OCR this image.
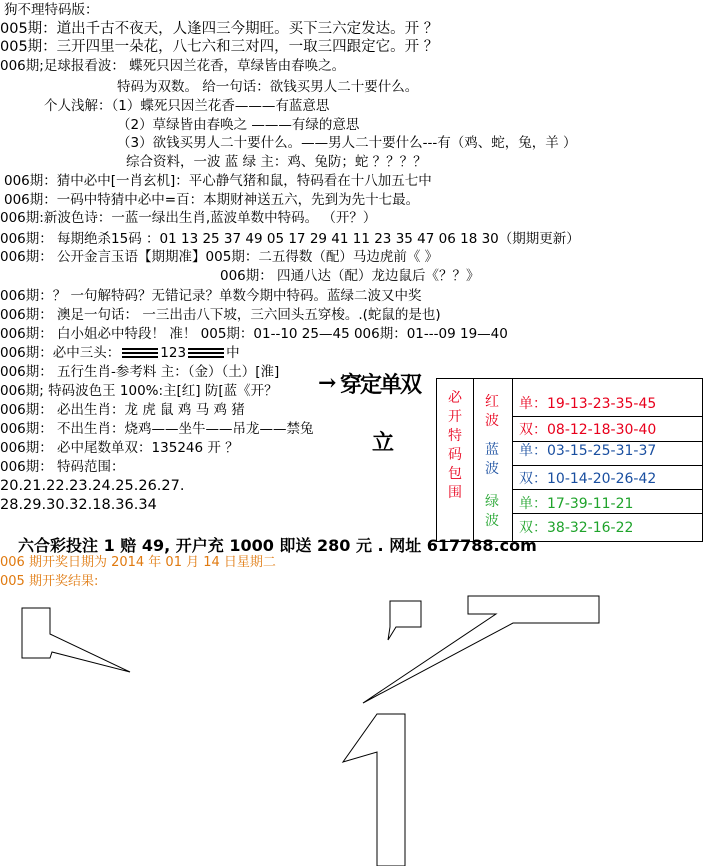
狗不理特码版：
005期：道出千古不夜天，人逢四三今期旺。买下三六定发达。开 ？
005期：三开四里一朵花，八七六和三对四，一取三四跟定它。开 ？
006期;足球报看波： 蝶死只因兰花香，草绿皆由春唤之。
特码为双数。 给一句话：欲钱买男人二十要什么。
个人浅解：（1）蝶死只因兰花香———有蓝意思
（2）草绿皆由春唤之 ———有绿的意思
（3）欲钱买男人二十要什么。——男人二十要什么---有（鸡、蛇，兔，羊 ）
综合资料，一波 蓝 绿 主：鸡、兔防；蛇 ？？？？
006期：猜中必中[一肖玄机]：平心静气猪和鼠，特码看在十八加五七中
006期：一码中特猜中必中=百：本期财神送五六，先到为先十七最。
006期:新波色诗：一蓝一绿出生肖,蓝波单数中特码。 （开？）
006期： 每期绝杀15码 ：01 13 25 37 49 05 17 29 41 11 23 35 47 06 18 30（期期更新）
006期： 公开金言玉语【期期准】005期：二五得数（配）马边虎前《 》
006期： 四通八达（配）龙边鼠后《？？》
006期：？ 一句解特码？无错记录？单数今期中特码。蓝绿二波又中奖
006期： 澳足一句话： 一三出击八下坡，三六回头五穿梭。.(蛇鼠的是也)
006期： 白小姐必中特段！ 准！ 005期：01--10 25—45 006期：01---09 19—40
006期：必中三头：	123	中
006期： 五行生肖-参考料 主：（金）（土）[淮]
006期; 特码波色王 100%:主[红] 防[蓝《开？
006期： 必出生肖：龙 虎 鼠 鸡 马 鸡 猪
006期： 不出生肖：烧鸡——坐牛——吊龙——禁兔
006期： 必中尾数单双：135246 开 ？
006期： 特码范围：
20.21.22.23.24.25.26.27.
28.29.30.32.18.36.34
→ 穿定单双
立
必开特码包围
红波
单：19-13-23-35-45
双：08-12-18-30-40
蓝波
单：03-15-25-31-37
双：10-14-20-26-42
绿波
单：17-39-11-21
双：38-32-16-22
六合彩投注 1 赔 49, 开户充 1000 即送 280 元 . 网址 617788.com
006 期开奖日期为 2014 年 01 月 14 日星期二
005 期开奖结果:
